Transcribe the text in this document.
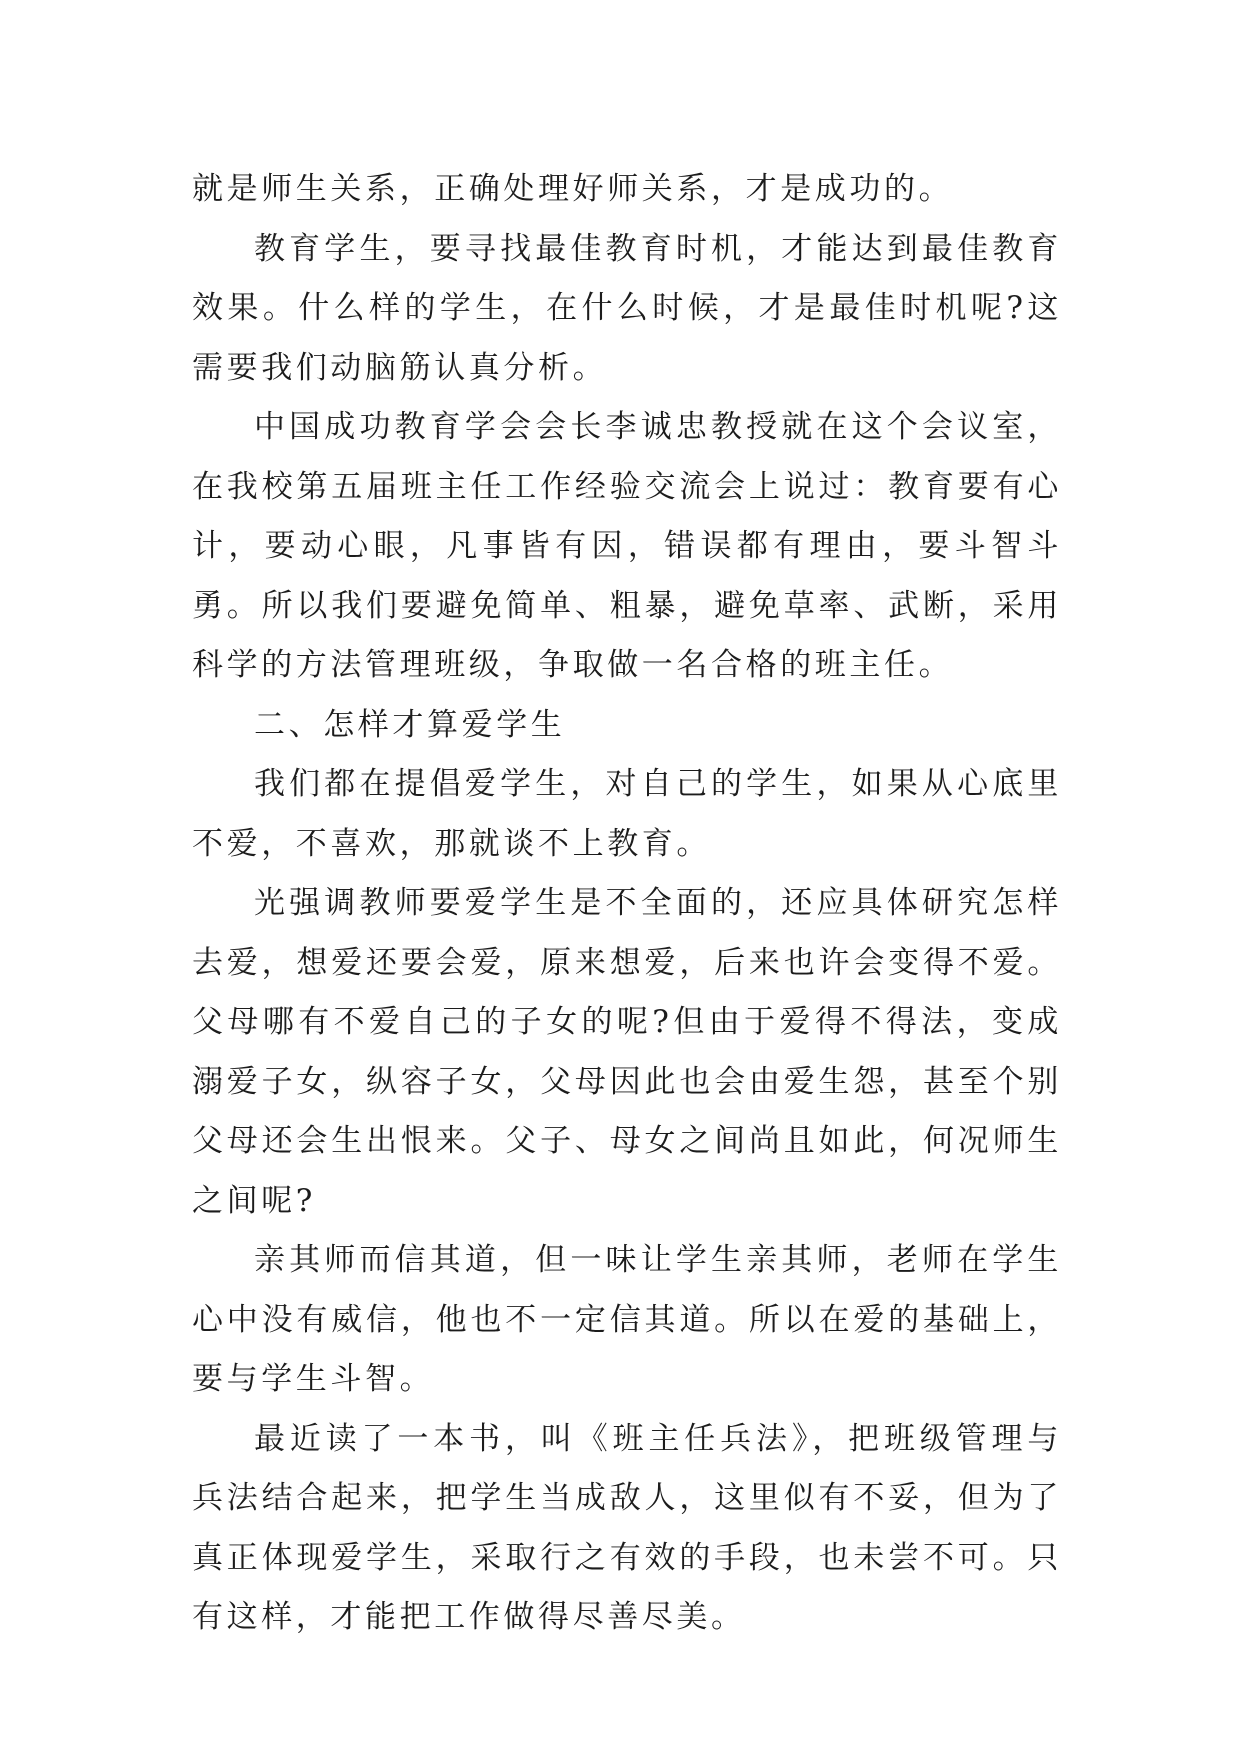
就是师生关系，正确处理好师关系，才是成功的。

教育学生，要寻找最佳教育时机，才能达到最佳教育效果。什么样的学生，在什么时候，才是最佳时机呢?这需要我们动脑筋认真分析。

中国成功教育学会会长李诚忠教授就在这个会议室，在我校第五届班主任工作经验交流会上说过：教育要有心计，要动心眼，凡事皆有因，错误都有理由，要斗智斗勇。所以我们要避免简单、粗暴，避免草率、武断，采用科学的方法管理班级，争取做一名合格的班主任。

二、怎样才算爱学生

我们都在提倡爱学生，对自己的学生，如果从心底里不爱，不喜欢，那就谈不上教育。

光强调教师要爱学生是不全面的，还应具体研究怎样去爱，想爱还要会爱，原来想爱，后来也许会变得不爱。父母哪有不爱自己的子女的呢?但由于爱得不得法，变成溺爱子女，纵容子女，父母因此也会由爱生怨，甚至个别父母还会生出恨来。父子、母女之间尚且如此，何况师生之间呢?

亲其师而信其道，但一味让学生亲其师，老师在学生心中没有威信，他也不一定信其道。所以在爱的基础上，要与学生斗智。

最近读了一本书，叫《班主任兵法》，把班级管理与兵法结合起来，把学生当成敌人，这里似有不妥，但为了真正体现爱学生，采取行之有效的手段，也未尝不可。只有这样，才能把工作做得尽善尽美。
